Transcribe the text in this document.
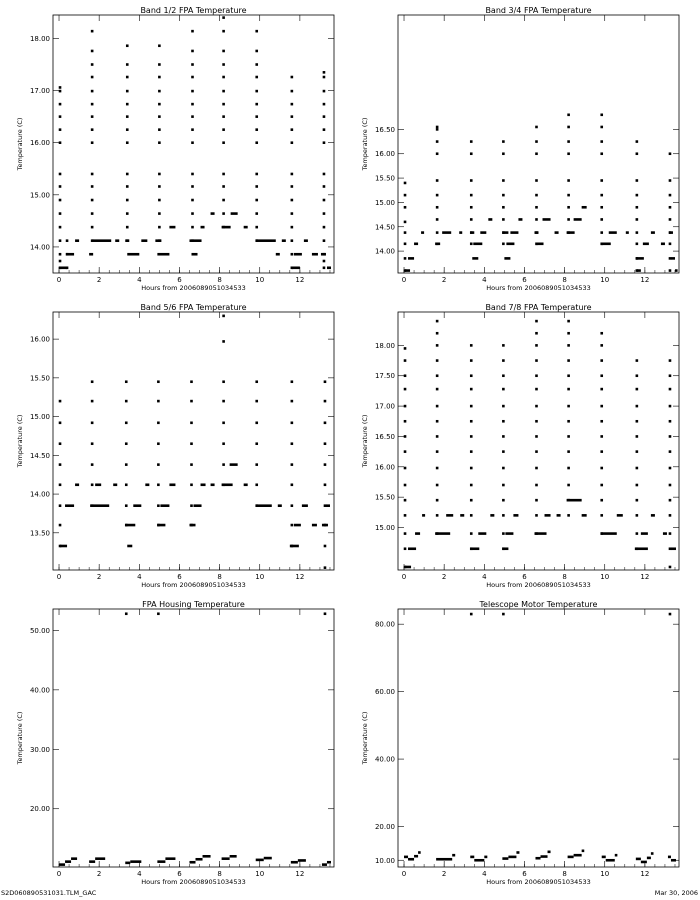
Band 1/2 FPA Temperature
0	2	4	6	8	10	12
14.00
15.00
16.00
17.00
18.00
Hours from 2006089051034533
Temperature (C)
Band 3/4 FPA Temperature
0	2	4	6	8	10	12
14.00
14.50
15.00
15.50
16.00
16.50
Hours from 2006089051034533
Temperature (C)
Band 5/6 FPA Temperature
0	2	4	6	8	10	12
13.50
14.00
14.50
15.00
15.50
16.00
Hours from 2006089051034533
Temperature (C)
Band 7/8 FPA Temperature
0	2	4	6	8	10	12
15.00
15.50
16.00
16.50
17.00
17.50
18.00
Hours from 2006089051034533
Temperature (C)
FPA Housing Temperature
0	2	4	6	8	10	12
20.00
30.00
40.00
50.00
Hours from 2006089051034533
Temperature (C)
Telescope Motor Temperature
0	2	4	6	8	10	12
10.00
20.00
40.00
60.00
80.00
Hours from 2006089051034533
Temperature (C)
S2D060890531031.TLM_GAC	Mar 30, 2006
